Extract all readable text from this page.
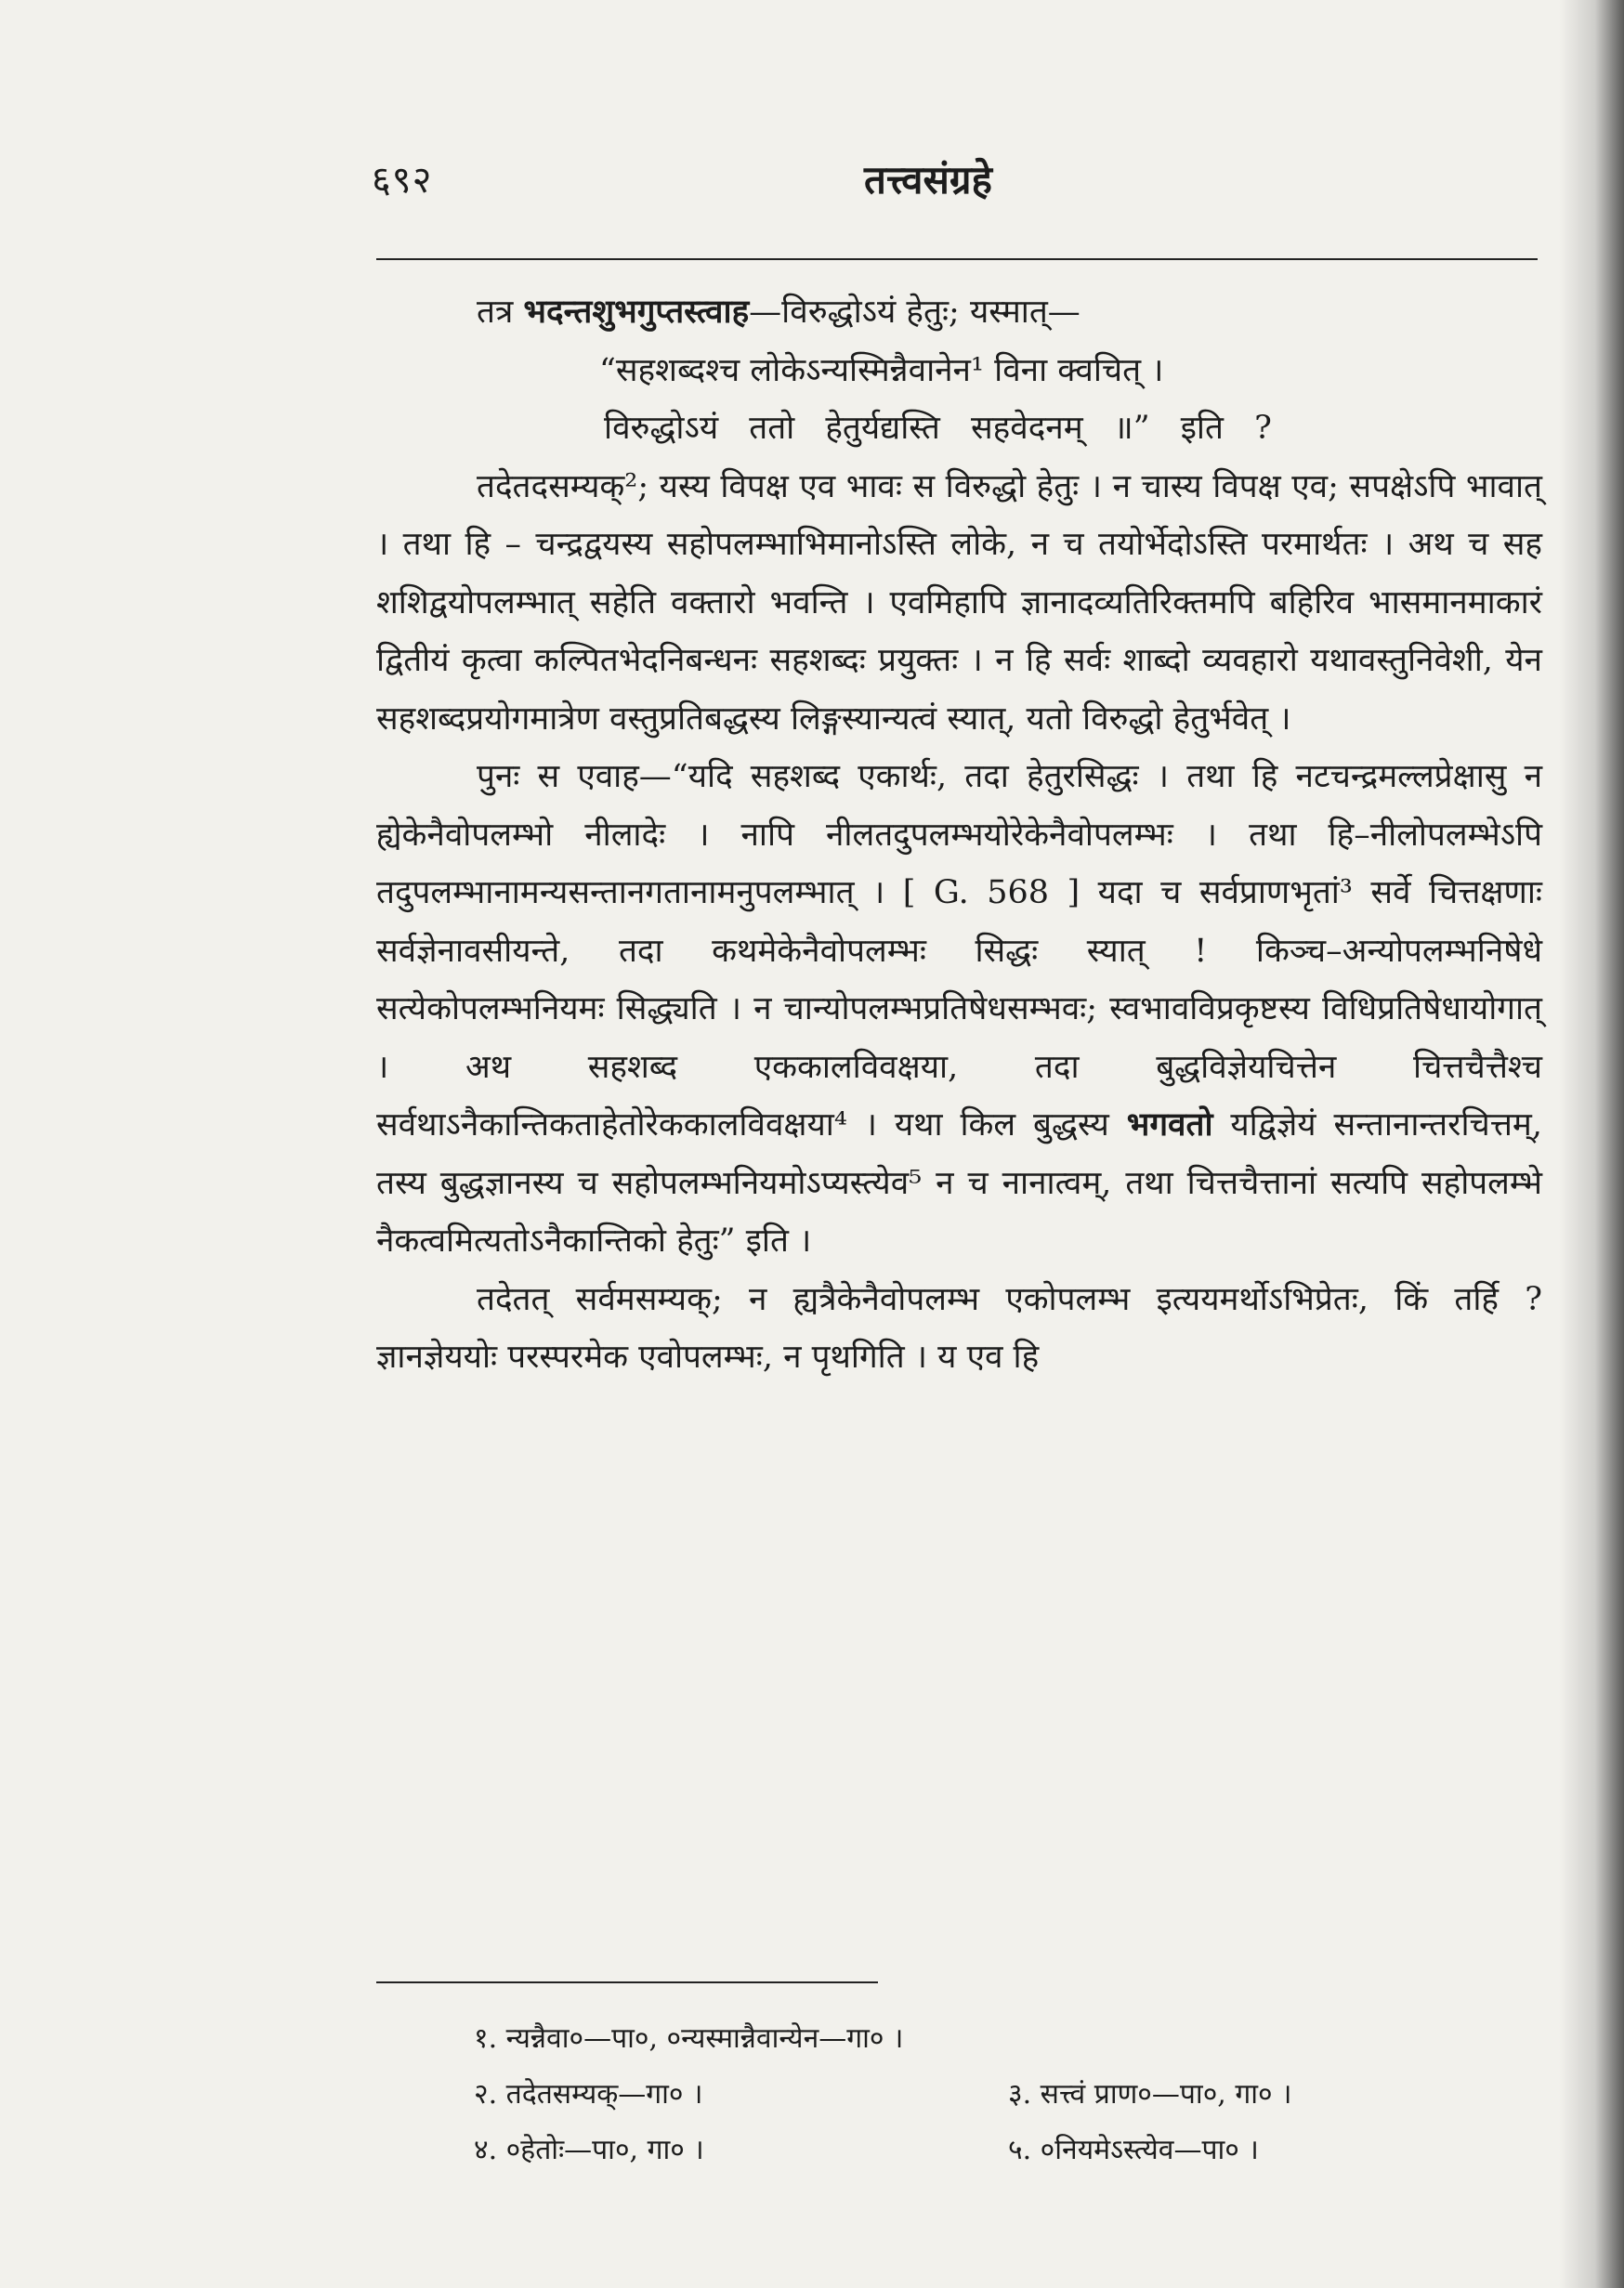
६९२	तत्त्वसंग्रहे

तत्र भदन्तशुभगुप्तस्त्वाह—विरुद्धोऽयं हेतुः; यस्मात्—

“सहशब्दश्च लोकेऽन्यस्मिन्नैवानेन¹ विना क्वचित् ।

विरुद्धोऽयं ततो हेतुर्यद्यस्ति सहवेदनम् ॥” इति ?

तदेतदसम्यक्²; यस्य विपक्ष एव भावः स विरुद्धो हेतुः । न चास्य विपक्ष एव; सपक्षेऽपि भावात् । तथा हि – चन्द्रद्वयस्य सहोपलम्भाभिमानोऽस्ति लोके, न च तयोर्भेदोऽस्ति परमार्थतः । अथ च सह शशिद्वयोपलम्भात् सहेति वक्तारो भवन्ति । एवमिहापि ज्ञानादव्यतिरिक्तमपि बहिरिव भासमानमाकारं द्वितीयं कृत्वा कल्पितभेदनिबन्धनः सहशब्दः प्रयुक्तः । न हि सर्वः शाब्दो व्यवहारो यथावस्तुनिवेशी, येन सहशब्दप्रयोगमात्रेण वस्तुप्रतिबद्धस्य लिङ्गस्यान्यत्वं स्यात्, यतो विरुद्धो हेतुर्भवेत् ।

पुनः स एवाह—“यदि सहशब्द एकार्थः, तदा हेतुरसिद्धः । तथा हि नटचन्द्रमल्लप्रेक्षासु न ह्येकेनैवोपलम्भो नीलादेः । नापि नीलतदुपलम्भयोरेकेनैवोपलम्भः । तथा हि–नीलोपलम्भेऽपि तदुपलम्भानामन्यसन्तानगतानामनुपलम्भात् । [ G. 568 ] यदा च सर्वप्राणभृतां³ सर्वे चित्तक्षणाः सर्वज्ञेनावसीयन्ते, तदा कथमेकेनैवोपलम्भः सिद्धः स्यात् ! किञ्च–अन्योपलम्भनिषेधे सत्येकोपलम्भनियमः सिद्ध्यति । न चान्योपलम्भप्रतिषेधसम्भवः; स्वभावविप्रकृष्टस्य विधिप्रतिषेधायोगात् । अथ सहशब्द एककालविवक्षया, तदा बुद्धविज्ञेयचित्तेन चित्तचैत्तैश्च सर्वथाऽनैकान्तिकताहेतोरेककालविवक्षया⁴ । यथा किल बुद्धस्य भगवतो यद्विज्ञेयं सन्तानान्तरचित्तम्, तस्य बुद्धज्ञानस्य च सहोपलम्भनियमोऽप्यस्त्येव⁵ न च नानात्वम्, तथा चित्तचैत्तानां सत्यपि सहोपलम्भे नैकत्वमित्यतोऽनैकान्तिको हेतुः” इति ।

तदेतत् सर्वमसम्यक्; न ह्यत्रैकेनैवोपलम्भ एकोपलम्भ इत्ययमर्थोऽभिप्रेतः, किं तर्हि ? ज्ञानज्ञेययोः परस्परमेक एवोपलम्भः, न पृथगिति । य एव हि

१. न्यन्नैवा०—पा०, ०न्यस्मान्नैवान्येन—गा० ।
२. तदेतसम्यक्—गा० ।	३. सत्त्वं प्राण०—पा०, गा० ।
४. ०हेतोः—पा०, गा० ।	५. ०नियमेऽस्त्येव—पा० ।
